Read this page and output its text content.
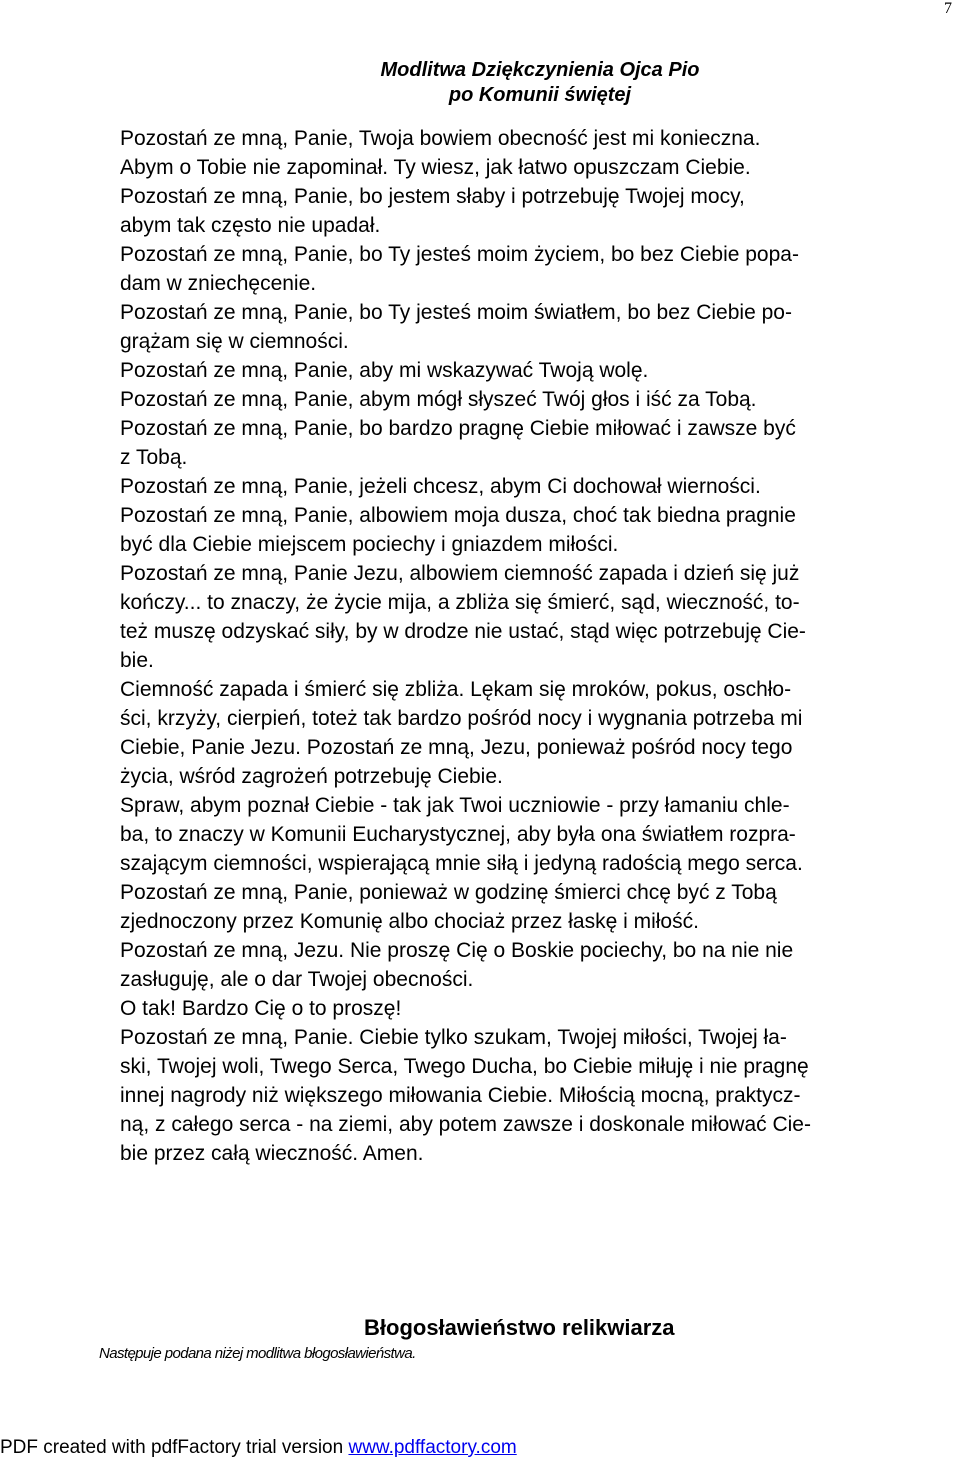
7
Modlitwa Dziękczynienia Ojca Pio
po Komunii świętej
Pozostań ze mną, Panie, Twoja bowiem obecność jest mi konieczna.
Abym o Tobie nie zapominał. Ty wiesz, jak łatwo opuszczam Ciebie.
Pozostań ze mną, Panie, bo jestem słaby i potrzebuję Twojej mocy,
abym tak często nie upadał.
Pozostań ze mną, Panie, bo Ty jesteś moim życiem, bo bez Ciebie popa-
dam w zniechęcenie.
Pozostań ze mną, Panie, bo Ty jesteś moim światłem, bo bez Ciebie po-
grążam się w ciemności.
Pozostań ze mną, Panie, aby mi wskazywać Twoją wolę.
Pozostań ze mną, Panie, abym mógł słyszeć Twój głos i iść za Tobą.
Pozostań ze mną, Panie, bo bardzo pragnę Ciebie miłować i zawsze być
z Tobą.
Pozostań ze mną, Panie, jeżeli chcesz, abym Ci dochował wierności.
Pozostań ze mną, Panie, albowiem moja dusza, choć tak biedna pragnie
być dla Ciebie miejscem pociechy i gniazdem miłości.
Pozostań ze mną, Panie Jezu, albowiem ciemność zapada i dzień się już
kończy... to znaczy, że życie mija, a zbliża się śmierć, sąd, wieczność, to-
też muszę odzyskać siły, by w drodze nie ustać, stąd więc potrzebuję Cie-
bie.
Ciemność zapada i śmierć się zbliża. Lękam się mroków, pokus, oschło-
ści, krzyży, cierpień, toteż tak bardzo pośród nocy i wygnania potrzeba mi
Ciebie, Panie Jezu. Pozostań ze mną, Jezu, ponieważ pośród nocy tego
życia, wśród zagrożeń potrzebuję Ciebie.
Spraw, abym poznał Ciebie - tak jak Twoi uczniowie - przy łamaniu chle-
ba, to znaczy w Komunii Eucharystycznej, aby była ona światłem rozpra-
szającym ciemności, wspierającą mnie siłą i jedyną radością mego serca.
Pozostań ze mną, Panie, ponieważ w godzinę śmierci chcę być z Tobą
zjednoczony przez Komunię albo chociaż przez łaskę i miłość.
Pozostań ze mną, Jezu. Nie proszę Cię o Boskie pociechy, bo na nie nie
zasługuję, ale o dar Twojej obecności.
O tak! Bardzo Cię o to proszę!
Pozostań ze mną, Panie. Ciebie tylko szukam, Twojej miłości, Twojej ła-
ski, Twojej woli, Twego Serca, Twego Ducha, bo Ciebie miłuję i nie pragnę
innej nagrody niż większego miłowania Ciebie. Miłością mocną, praktycz-
ną, z całego serca - na ziemi, aby potem zawsze i doskonale miłować Cie-
bie przez całą wieczność. Amen.
Błogosławieństwo relikwiarza
Następuje podana niżej modlitwa błogosławieństwa.
PDF created with pdfFactory trial version www.pdffactory.com
